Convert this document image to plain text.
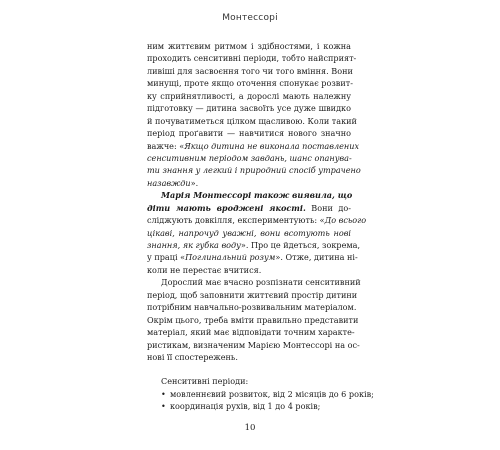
Монтессорі
ним життєвим ритмом і здібностями, і кожна
проходить сенситивні періоди, тобто найсприят-
ливіші для засвоєння того чи того вміння. Вони
минущі, проте якщо оточення спонукає розвит-
ку сприйнятливості, а дорослі мають належну
підготовку — дитина засвоїть усе дуже швидко
й почуватиметься цілком щасливою. Коли такий
період проґавити — навчитися нового значно
важче: «Якщо дитина не виконала поставлених
сенситивним періодом завдань, шанс опанува-
ти знання у легкий і природний спосіб утрачено
назавжди».
Марія Монтессорі також виявила, що
діти мають вроджені якості. Вони до-
сліджують довкілля, експериментують: «До всього
цікаві, напрочуд уважні, вони всотують нові
знання, як губка воду». Про це йдеться, зокрема,
у праці «Поглинальний розум». Отже, дитина ні-
коли не перестає вчитися.
Дорослий має вчасно розпізнати сенситивний
період, щоб заповнити життєвий простір дитини
потрібним навчально-розвивальним матеріалом.
Окрім цього, треба вміти правильно представити
матеріал, який має відповідати точним характе-
ристикам, визначеним Марією Монтессорі на ос-
нові її спостережень.
Сенситивні періоди:
• мовленнєвий розвиток, від 2 місяців до 6 років;
• координація рухів, від 1 до 4 років;
10
